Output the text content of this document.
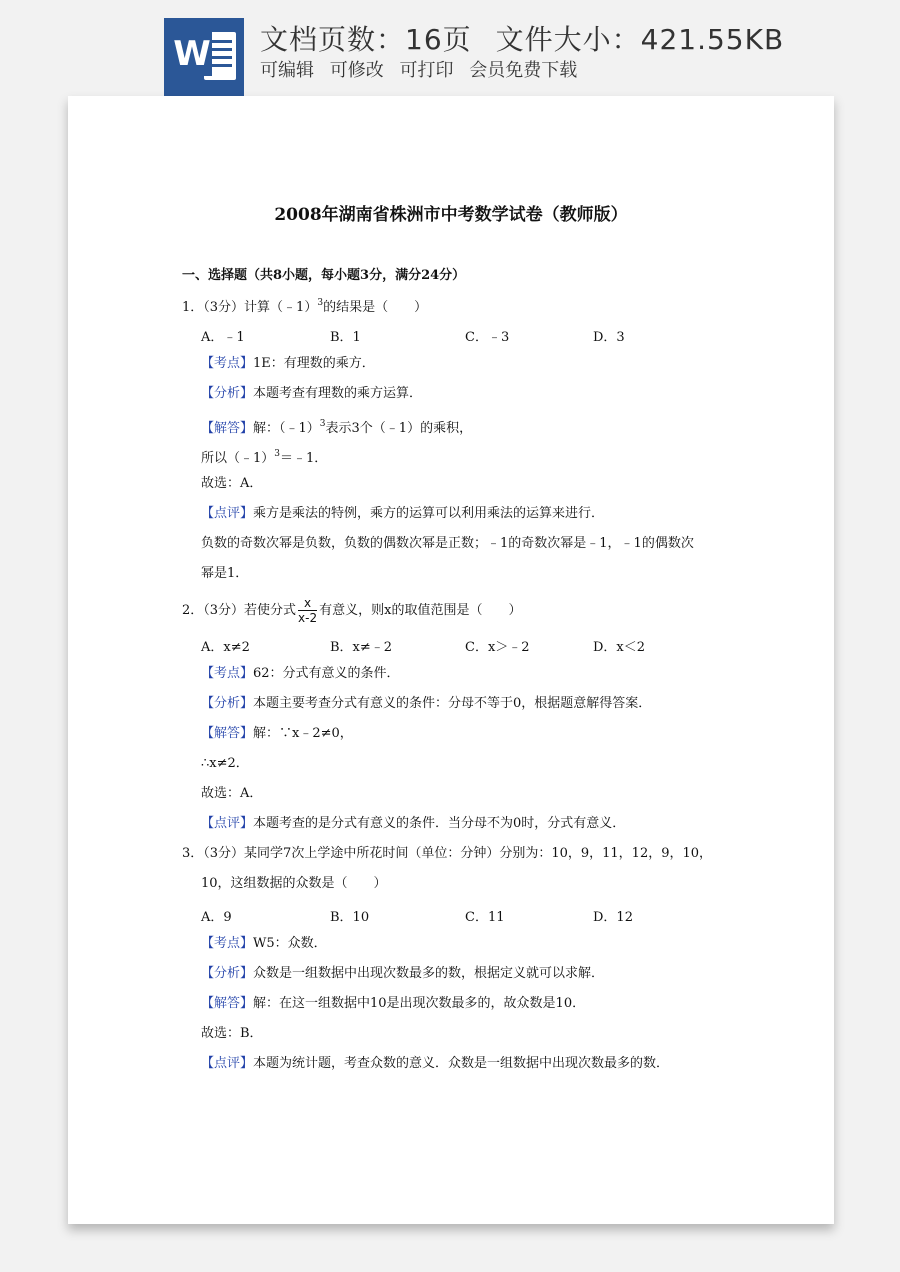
W 文档页数：16页 文件大小：421.55KB
可编辑 可修改 可打印 会员免费下载
2008年湖南省株洲市中考数学试卷（教师版）
一、选择题（共8小题，每小题3分，满分24分）
1．（3分）计算（﹣1）$^3$的结果是（　　）
A．﹣1	B．1	C．﹣3	D．3
【考点】1E：有理数的乘方．
【分析】本题考查有理数的乘方运算．
【解答】解：（﹣1）$^3$表示3个（﹣1）的乘积，
所以（﹣1）$^3$＝﹣1．
故选：A．
【点评】乘方是乘法的特例，乘方的运算可以利用乘法的运算来进行．
负数的奇数次幂是负数，负数的偶数次幂是正数；﹣1的奇数次幂是﹣1，﹣1的偶数次
幂是1．
2．（3分）若使分式 $\frac{x}{x-2}$ 有意义，则x的取值范围是（　　）
A．x≠2	B．x≠﹣2	C．x＞﹣2	D．x＜2
【考点】62：分式有意义的条件．
【分析】本题主要考查分式有意义的条件：分母不等于0，根据题意解得答案．
【解答】解：∵x﹣2≠0，
∴x≠2．
故选：A．
【点评】本题考查的是分式有意义的条件．当分母不为0时，分式有意义．
3．（3分）某同学7次上学途中所花时间（单位：分钟）分别为：10，9，11，12，9，10，
10，这组数据的众数是（　　）
A．9	B．10	C．11	D．12
【考点】W5：众数．
【分析】众数是一组数据中出现次数最多的数，根据定义就可以求解．
【解答】解：在这一组数据中10是出现次数最多的，故众数是10．
故选：B．
【点评】本题为统计题，考查众数的意义．众数是一组数据中出现次数最多的数．
